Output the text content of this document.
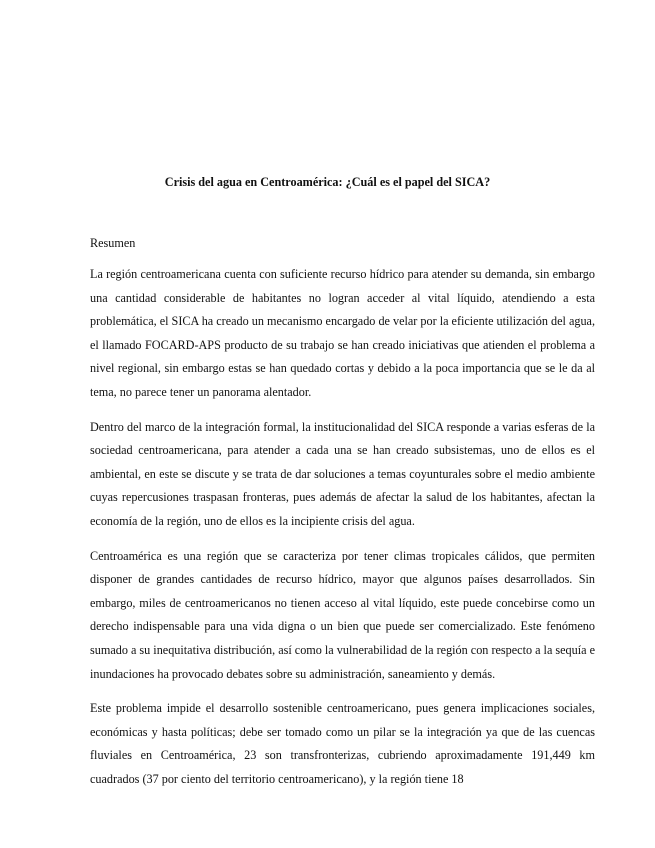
Crisis del agua en Centroamérica: ¿Cuál es el papel del SICA?
Resumen

La región centroamericana cuenta con suficiente recurso hídrico para atender su demanda, sin embargo una cantidad considerable de habitantes no logran acceder al vital líquido, atendiendo a esta problemática, el SICA ha creado un mecanismo encargado de velar por la eficiente utilización del agua, el llamado FOCARD-APS producto de su trabajo se han creado iniciativas que atienden el problema a nivel regional, sin embargo estas se han quedado cortas y debido a la poca importancia que se le da al tema, no parece tener un panorama alentador.

Dentro del marco de la integración formal, la institucionalidad del SICA responde a varias esferas de la sociedad centroamericana, para atender a cada una se han creado subsistemas, uno de ellos es el ambiental, en este se discute y se trata de dar soluciones a temas coyunturales sobre el medio ambiente cuyas repercusiones traspasan fronteras, pues además de afectar la salud de los habitantes, afectan la economía de la región, uno de ellos es la incipiente crisis del agua.

Centroamérica es una región que se caracteriza por tener climas tropicales cálidos, que permiten disponer de grandes cantidades de recurso hídrico, mayor que algunos países desarrollados. Sin embargo, miles de centroamericanos no tienen acceso al vital líquido, este puede concebirse como un derecho indispensable para una vida digna o un bien que puede ser comercializado. Este fenómeno sumado a su inequitativa distribución, así como la vulnerabilidad de la región con respecto a la sequía e inundaciones ha provocado debates sobre su administración, saneamiento y demás.

Este problema impide el desarrollo sostenible centroamericano, pues genera implicaciones sociales, económicas y hasta políticas; debe ser tomado como un pilar se la integración ya que de las cuencas fluviales en Centroamérica, 23 son transfronterizas, cubriendo aproximadamente 191,449 km cuadrados (37 por ciento del territorio centroamericano), y la región tiene 18
